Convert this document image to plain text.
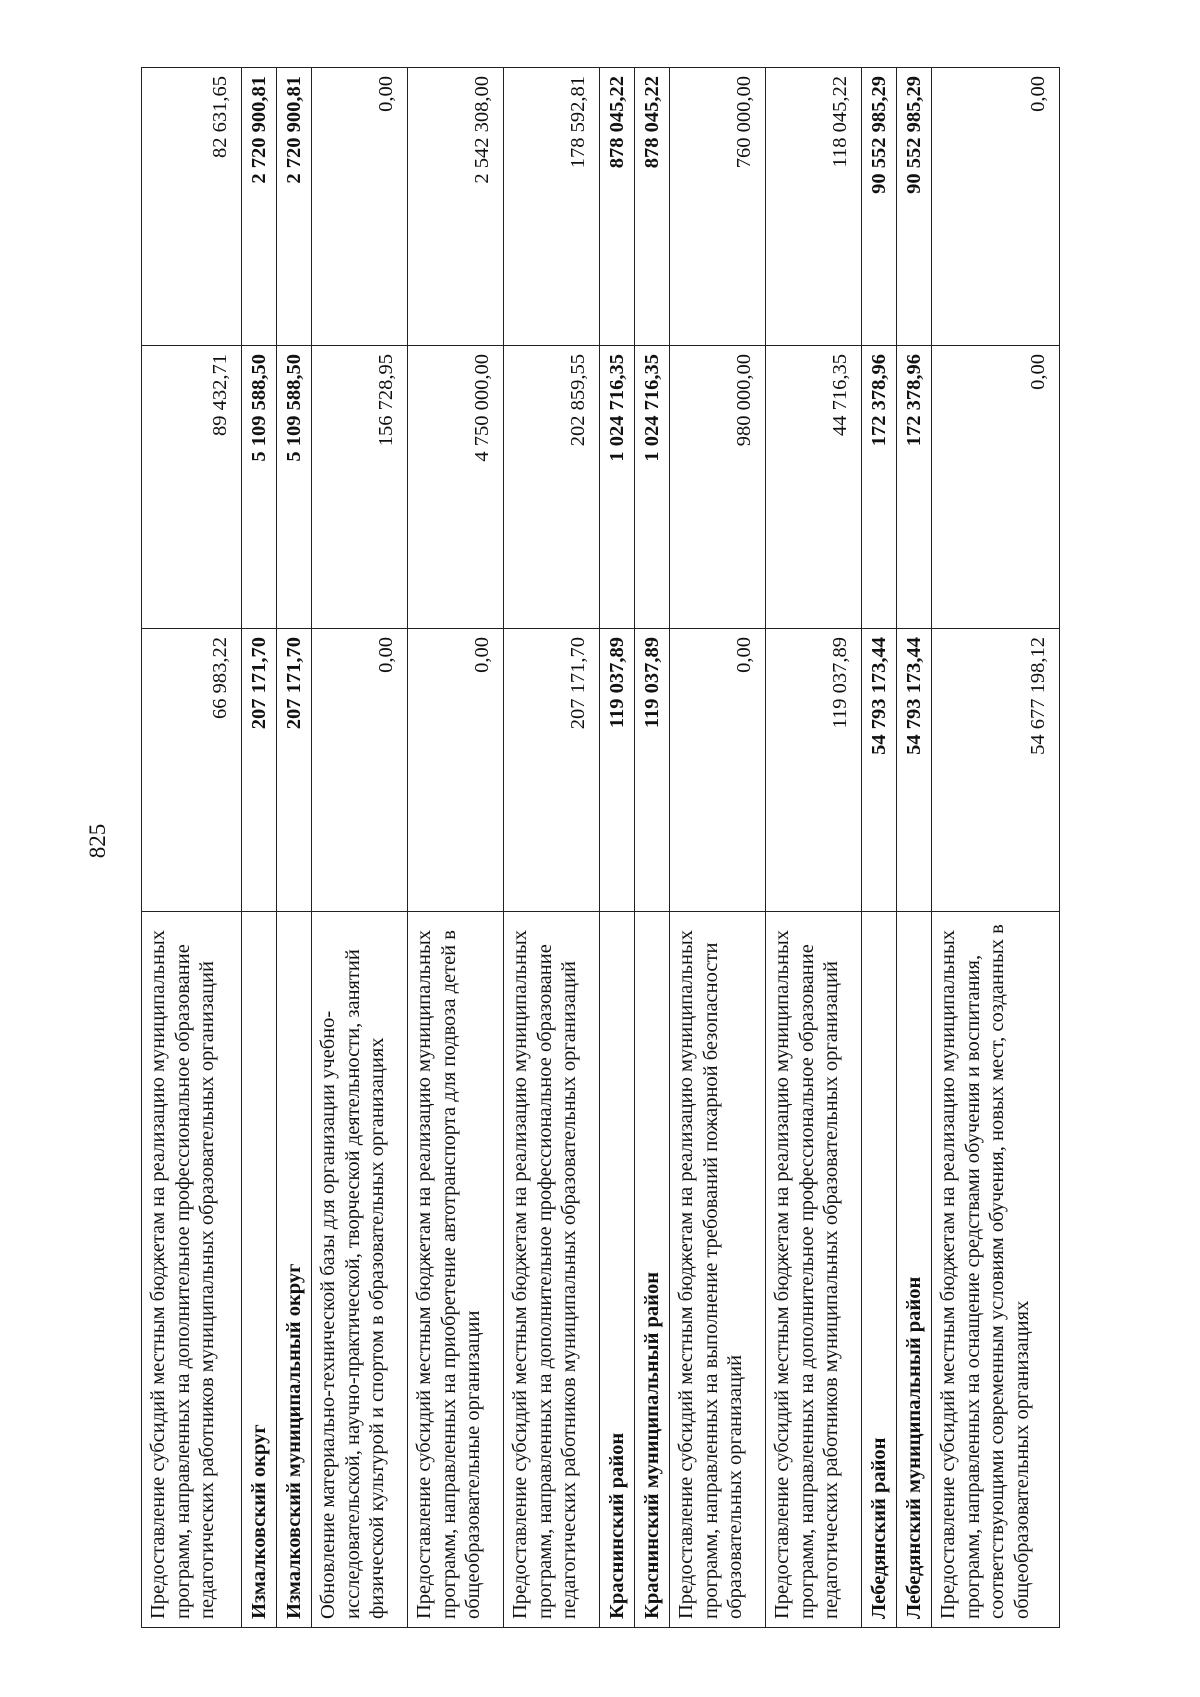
825
Предоставление субсидий местным бюджетам на реализацию муниципальных программ, направленных на дополнительное профессиональное образование педагогических работников муниципальных образовательных организаций	66 983,22	89 432,71	82 631,65
Измалковский округ	207 171,70	5 109 588,50	2 720 900,81
Измалковский муниципальный округ	207 171,70	5 109 588,50	2 720 900,81
Обновление материально-технической базы для организации учебно-исследовательской, научно-практической, творческой деятельности, занятий физической культурой и спортом в образовательных организациях	0,00	156 728,95	0,00
Предоставление субсидий местным бюджетам на реализацию муниципальных программ, направленных на приобретение автотранспорта для подвоза детей в общеобразовательные организации	0,00	4 750 000,00	2 542 308,00
Предоставление субсидий местным бюджетам на реализацию муниципальных программ, направленных на дополнительное профессиональное образование педагогических работников муниципальных образовательных организаций	207 171,70	202 859,55	178 592,81
Краснинский район	119 037,89	1 024 716,35	878 045,22
Краснинский муниципальный район	119 037,89	1 024 716,35	878 045,22
Предоставление субсидий местным бюджетам на реализацию муниципальных программ, направленных на выполнение требований пожарной безопасности образовательных организаций	0,00	980 000,00	760 000,00
Предоставление субсидий местным бюджетам на реализацию муниципальных программ, направленных на дополнительное профессиональное образование педагогических работников муниципальных образовательных организаций	119 037,89	44 716,35	118 045,22
Лебедянский район	54 793 173,44	172 378,96	90 552 985,29
Лебедянский муниципальный район	54 793 173,44	172 378,96	90 552 985,29
Предоставление субсидий местным бюджетам на реализацию муниципальных программ, направленных на оснащение средствами обучения и воспитания, соответствующими современным условиям обучения, новых мест, созданных в общеобразовательных организациях	54 677 198,12	0,00	0,00
